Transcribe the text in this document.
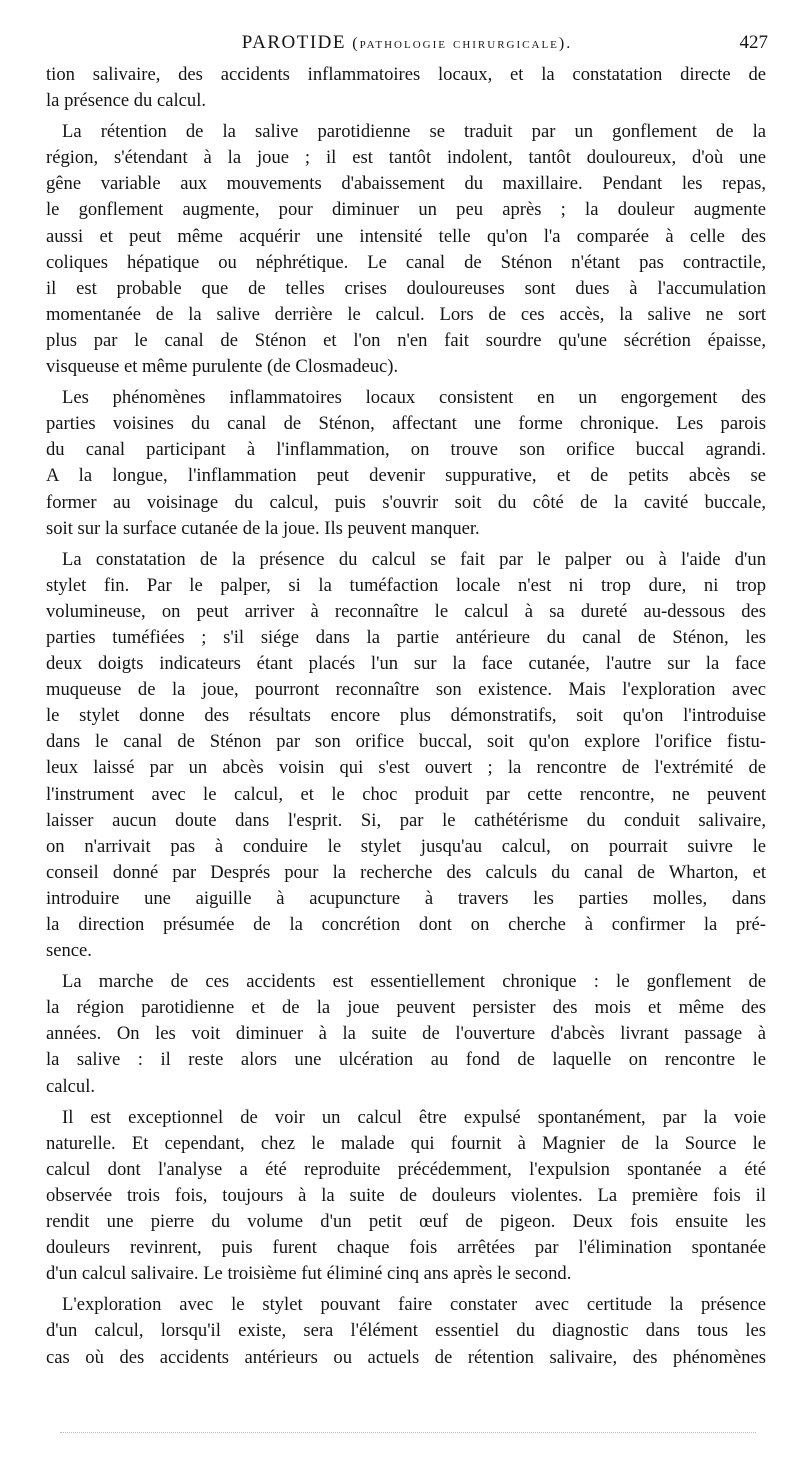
PAROTIDE (pathologie chirurgicale).	427
tion salivaire, des accidents inflammatoires locaux, et la constatation directe de
la présence du calcul.
La rétention de la salive parotidienne se traduit par un gonflement de la
région, s'étendant à la joue ; il est tantôt indolent, tantôt douloureux, d'où une
gêne variable aux mouvements d'abaissement du maxillaire. Pendant les repas,
le gonflement augmente, pour diminuer un peu après ; la douleur augmente
aussi et peut même acquérir une intensité telle qu'on l'a comparée à celle des
coliques hépatique ou néphrétique. Le canal de Sténon n'étant pas contractile,
il est probable que de telles crises douloureuses sont dues à l'accumulation
momentanée de la salive derrière le calcul. Lors de ces accès, la salive ne sort
plus par le canal de Sténon et l'on n'en fait sourdre qu'une sécrétion épaisse,
visqueuse et même purulente (de Closmadeuc).
Les phénomènes inflammatoires locaux consistent en un engorgement des
parties voisines du canal de Sténon, affectant une forme chronique. Les parois
du canal participant à l'inflammation, on trouve son orifice buccal agrandi.
A la longue, l'inflammation peut devenir suppurative, et de petits abcès se
former au voisinage du calcul, puis s'ouvrir soit du côté de la cavité buccale,
soit sur la surface cutanée de la joue. Ils peuvent manquer.
La constatation de la présence du calcul se fait par le palper ou à l'aide d'un
stylet fin. Par le palper, si la tuméfaction locale n'est ni trop dure, ni trop
volumineuse, on peut arriver à reconnaître le calcul à sa dureté au-dessous des
parties tuméfiées ; s'il siége dans la partie antérieure du canal de Sténon, les
deux doigts indicateurs étant placés l'un sur la face cutanée, l'autre sur la face
muqueuse de la joue, pourront reconnaître son existence. Mais l'exploration avec
le stylet donne des résultats encore plus démonstratifs, soit qu'on l'introduise
dans le canal de Sténon par son orifice buccal, soit qu'on explore l'orifice fistu-
leux laissé par un abcès voisin qui s'est ouvert ; la rencontre de l'extrémité de
l'instrument avec le calcul, et le choc produit par cette rencontre, ne peuvent
laisser aucun doute dans l'esprit. Si, par le cathétérisme du conduit salivaire,
on n'arrivait pas à conduire le stylet jusqu'au calcul, on pourrait suivre le
conseil donné par Després pour la recherche des calculs du canal de Wharton, et
introduire une aiguille à acupuncture à travers les parties molles, dans
la direction présumée de la concrétion dont on cherche à confirmer la pré-
sence.
La marche de ces accidents est essentiellement chronique : le gonflement de
la région parotidienne et de la joue peuvent persister des mois et même des
années. On les voit diminuer à la suite de l'ouverture d'abcès livrant passage à
la salive : il reste alors une ulcération au fond de laquelle on rencontre le
calcul.
Il est exceptionnel de voir un calcul être expulsé spontanément, par la voie
naturelle. Et cependant, chez le malade qui fournit à Magnier de la Source le
calcul dont l'analyse a été reproduite précédemment, l'expulsion spontanée a été
observée trois fois, toujours à la suite de douleurs violentes. La première fois il
rendit une pierre du volume d'un petit œuf de pigeon. Deux fois ensuite les
douleurs revinrent, puis furent chaque fois arrêtées par l'élimination spontanée
d'un calcul salivaire. Le troisième fut éliminé cinq ans après le second.
L'exploration avec le stylet pouvant faire constater avec certitude la présence
d'un calcul, lorsqu'il existe, sera l'élément essentiel du diagnostic dans tous les
cas où des accidents antérieurs ou actuels de rétention salivaire, des phénomènes
